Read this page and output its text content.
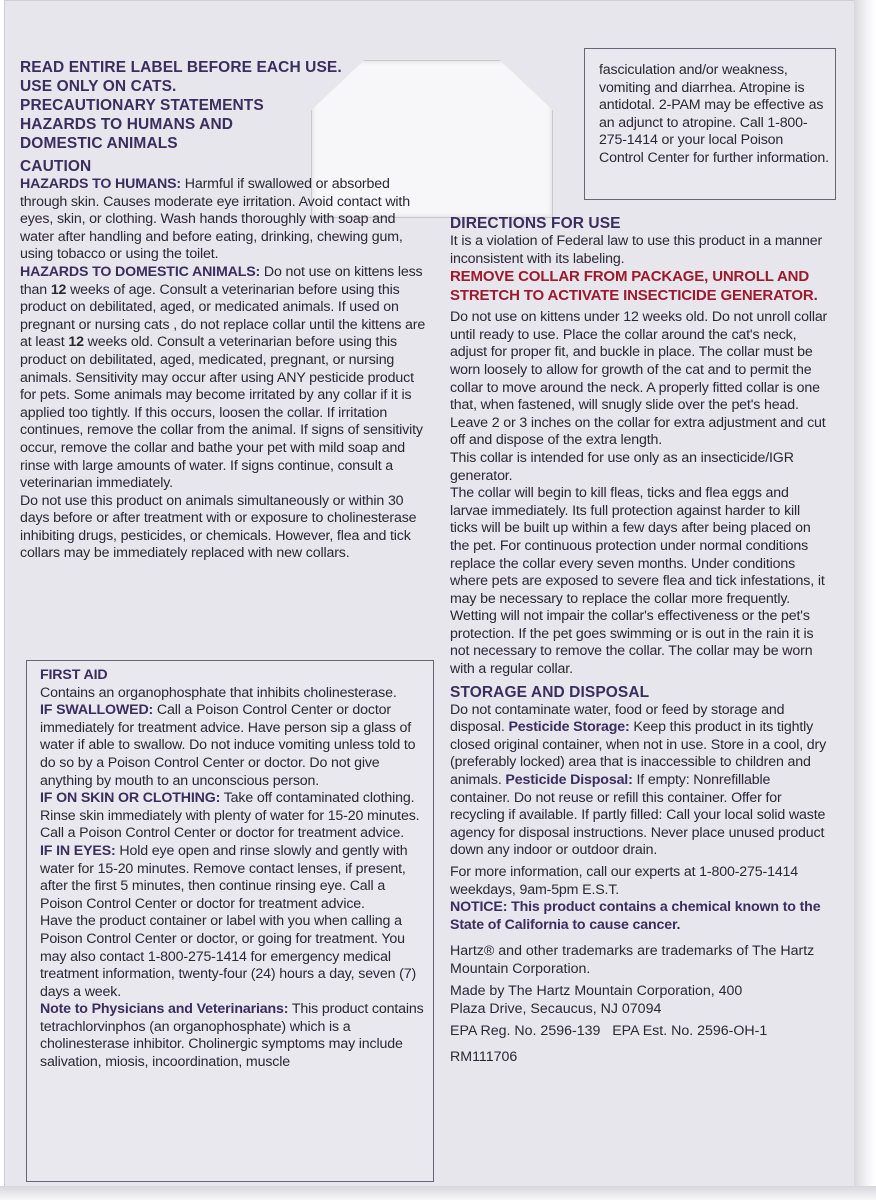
READ ENTIRE LABEL BEFORE EACH USE.

USE ONLY ON CATS.

PRECAUTIONARY STATEMENTS

HAZARDS TO HUMANS AND

DOMESTIC ANIMALS

CAUTION

HAZARDS TO HUMANS: Harmful if swallowed or absorbed through skin. Causes moderate eye irritation. Avoid contact with eyes, skin, or clothing. Wash hands thoroughly with soap and water after handling and before eating, drinking, chewing gum, using tobacco or using the toilet.

HAZARDS TO DOMESTIC ANIMALS: Do not use on kittens less than 12 weeks of age. Consult a veterinarian before using this product on debilitated, aged, or medicated animals. If used on pregnant or nursing cats , do not replace collar until the kittens are at least 12 weeks old. Consult a veterinarian before using this product on debilitated, aged, medicated, pregnant, or nursing animals. Sensitivity may occur after using ANY pesticide product for pets. Some animals may become irritated by any collar if it is applied too tightly. If this occurs, loosen the collar. If irritation continues, remove the collar from the animal. If signs of sensitivity occur, remove the collar and bathe your pet with mild soap and rinse with large amounts of water. If signs continue, consult a veterinarian immediately.

Do not use this product on animals simultaneously or within 30 days before or after treatment with or exposure to cholinesterase inhibiting drugs, pesticides, or chemicals. However, flea and tick collars may be immediately replaced with new collars.

FIRST AID

Contains an organophosphate that inhibits cholinesterase.

IF SWALLOWED: Call a Poison Control Center or doctor immediately for treatment advice. Have person sip a glass of water if able to swallow. Do not induce vomiting unless told to do so by a Poison Control Center or doctor. Do not give anything by mouth to an unconscious person.

IF ON SKIN OR CLOTHING: Take off contaminated clothing. Rinse skin immediately with plenty of water for 15-20 minutes. Call a Poison Control Center or doctor for treatment advice.

IF IN EYES: Hold eye open and rinse slowly and gently with water for 15-20 minutes. Remove contact lenses, if present, after the first 5 minutes, then continue rinsing eye. Call a Poison Control Center or doctor for treatment advice.

Have the product container or label with you when calling a Poison Control Center or doctor, or going for treatment. You may also contact 1-800-275-1414 for emergency medical treatment information, twenty-four (24) hours a day, seven (7) days a week.

Note to Physicians and Veterinarians: This product contains tetrachlorvinphos (an organophosphate) which is a cholinesterase inhibitor. Cholinergic symptoms may include salivation, miosis, incoordination, muscle

fasciculation and/or weakness, vomiting and diarrhea. Atropine is antidotal. 2-PAM may be effective as an adjunct to atropine. Call 1-800-275-1414 or your local Poison Control Center for further information.

DIRECTIONS FOR USE

It is a violation of Federal law to use this product in a manner inconsistent with its labeling.

REMOVE COLLAR FROM PACKAGE, UNROLL AND STRETCH TO ACTIVATE INSECTICIDE GENERATOR.

Do not use on kittens under 12 weeks old. Do not unroll collar until ready to use. Place the collar around the cat's neck, adjust for proper fit, and buckle in place. The collar must be worn loosely to allow for growth of the cat and to permit the collar to move around the neck. A properly fitted collar is one that, when fastened, will snugly slide over the pet's head. Leave 2 or 3 inches on the collar for extra adjustment and cut off and dispose of the extra length.

This collar is intended for use only as an insecticide/IGR generator.

The collar will begin to kill fleas, ticks and flea eggs and larvae immediately. Its full protection against harder to kill ticks will be built up within a few days after being placed on the pet. For continuous protection under normal conditions replace the collar every seven months. Under conditions where pets are exposed to severe flea and tick infestations, it may be necessary to replace the collar more frequently.

Wetting will not impair the collar's effectiveness or the pet's protection. If the pet goes swimming or is out in the rain it is not necessary to remove the collar. The collar may be worn with a regular collar.

STORAGE AND DISPOSAL

Do not contaminate water, food or feed by storage and disposal. Pesticide Storage: Keep this product in its tightly closed original container, when not in use. Store in a cool, dry (preferably locked) area that is inaccessible to children and animals. Pesticide Disposal: If empty: Nonrefillable container. Do not reuse or refill this container. Offer for recycling if available. If partly filled: Call your local solid waste agency for disposal instructions. Never place unused product down any indoor or outdoor drain.

For more information, call our experts at 1-800-275-1414 weekdays, 9am-5pm E.S.T.

NOTICE: This product contains a chemical known to the State of California to cause cancer.

Hartz® and other trademarks are trademarks of The Hartz Mountain Corporation.

Made by The Hartz Mountain Corporation, 400 Plaza Drive, Secaucus, NJ 07094

EPA Reg. No. 2596-139 EPA Est. No. 2596-OH-1

RM111706
